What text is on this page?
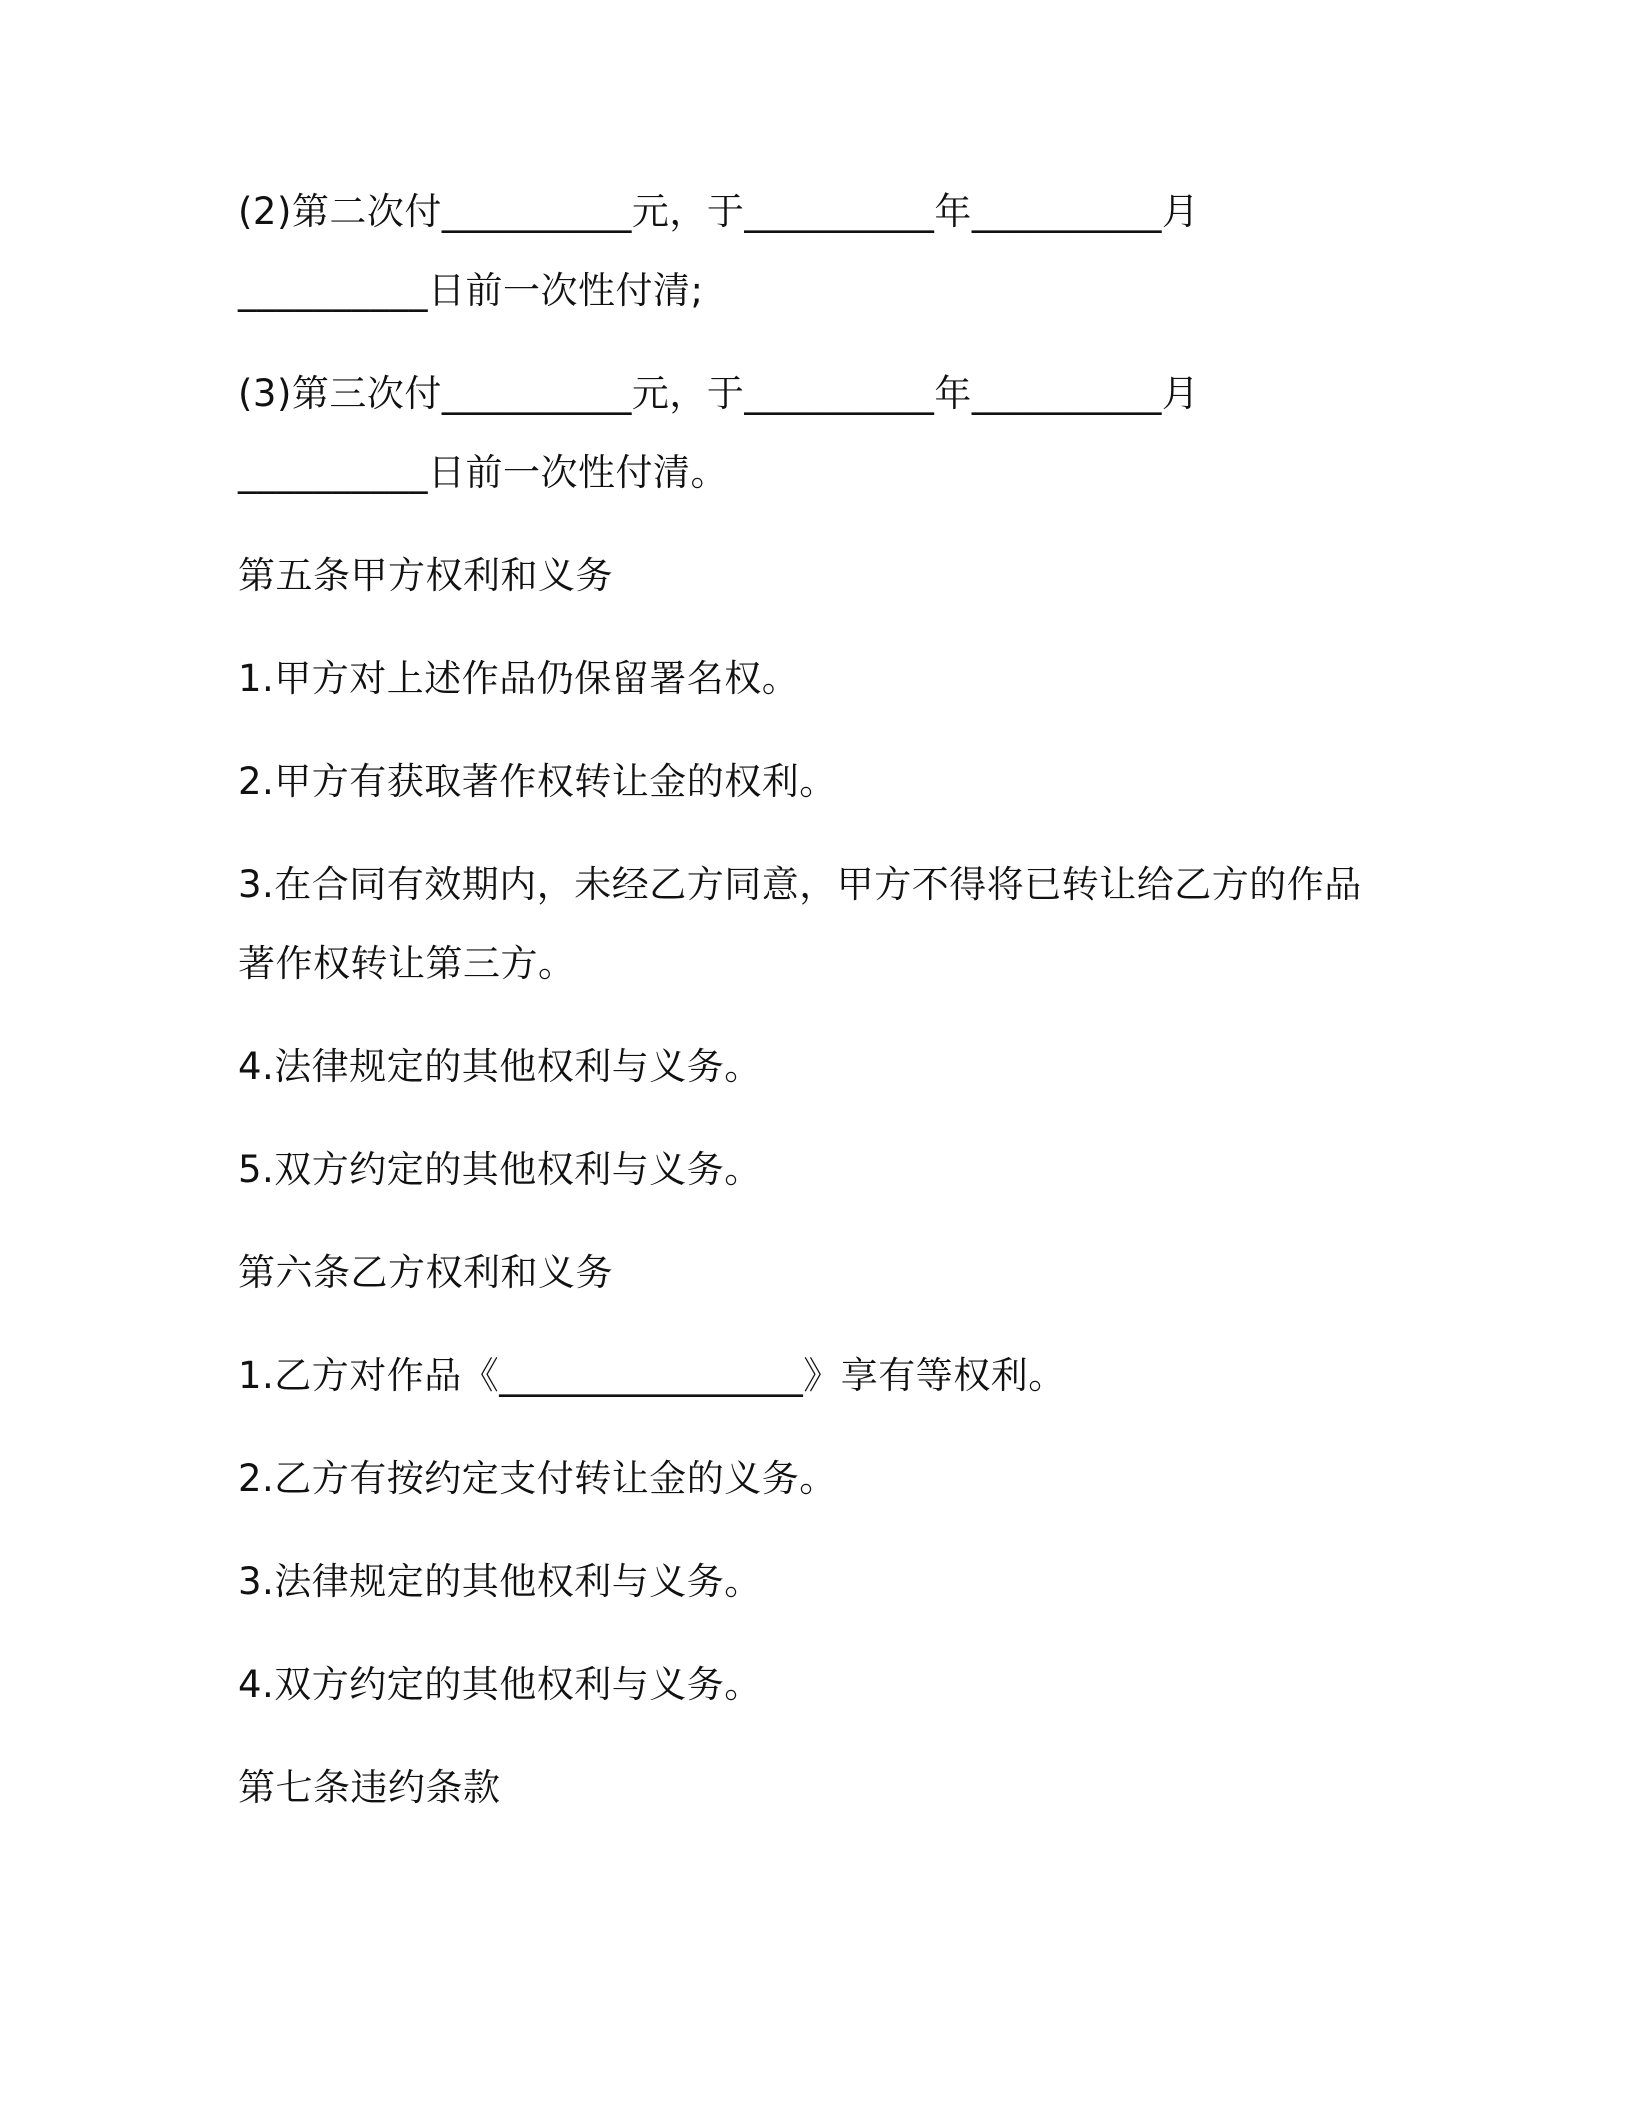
(2)第二次付__________元，于__________年__________月
__________日前一次性付清;
(3)第三次付__________元，于__________年__________月
__________日前一次性付清。
第五条甲方权利和义务
1.甲方对上述作品仍保留署名权。
2.甲方有获取著作权转让金的权利。
3.在合同有效期内，未经乙方同意，甲方不得将已转让给乙方的作品
著作权转让第三方。
4.法律规定的其他权利与义务。
5.双方约定的其他权利与义务。
第六条乙方权利和义务
1.乙方对作品《________________》享有等权利。
2.乙方有按约定支付转让金的义务。
3.法律规定的其他权利与义务。
4.双方约定的其他权利与义务。
第七条违约条款
